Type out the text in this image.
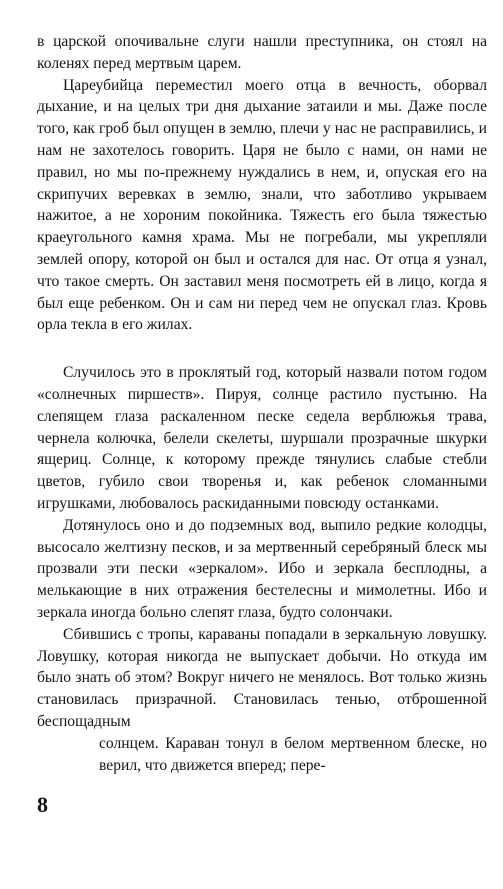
в царской опочивальне слуги нашли преступника, он стоял на коленях перед мертвым царем.

Цареубийца переместил моего отца в вечность, оборвал дыхание, и на целых три дня дыхание затаили и мы. Даже после того, как гроб был опущен в землю, плечи у нас не расправились, и нам не захотелось говорить. Царя не было с нами, он нами не правил, но мы по-прежнему нуждались в нем, и, опуская его на скрипучих веревках в землю, знали, что заботливо укрываем нажитое, а не хороним покойника. Тяжесть его была тяжестью краеугольного камня храма. Мы не погребали, мы укрепляли землей опору, которой он был и остался для нас. От отца я узнал, что такое смерть. Он заставил меня посмотреть ей в лицо, когда я был еще ребенком. Он и сам ни перед чем не опускал глаз. Кровь орла текла в его жилах.

Случилось это в проклятый год, который назвали потом годом «солнечных пиршеств». Пируя, солнце растило пустыню. На слепящем глаза раскаленном песке седела верблюжья трава, чернела колючка, белели скелеты, шуршали прозрачные шкурки ящериц. Солнце, к которому прежде тянулись слабые стебли цветов, губило свои творенья и, как ребенок сломанными игрушками, любовалось раскиданными повсюду останками.

Дотянулось оно и до подземных вод, выпило редкие колодцы, высосало желтизну песков, и за мертвенный серебряный блеск мы прозвали эти пески «зеркалом». Ибо и зеркала бесплодны, а мелькающие в них отражения бестелесны и мимолетны. Ибо и зеркала иногда больно слепят глаза, будто солончаки.

Сбившись с тропы, караваны попадали в зеркальную ловушку. Ловушку, которая никогда не выпускает добычи. Но откуда им было знать об этом? Вокруг ничего не менялось. Вот только жизнь становилась призрачной. Становилась тенью, отброшенной беспощадным

солнцем. Караван тонул в белом мертвенном блеске, но верил, что движется вперед; пере-

8
